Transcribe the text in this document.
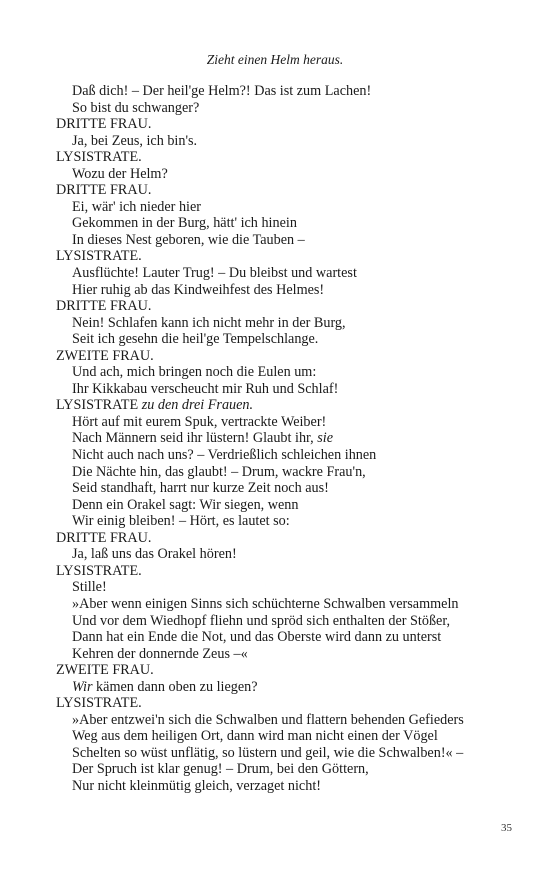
Zieht einen Helm heraus.
Daß dich! – Der heil'ge Helm?! Das ist zum Lachen!
So bist du schwanger?
DRITTE FRAU.
Ja, bei Zeus, ich bin's.
LYSISTRATE.
Wozu der Helm?
DRITTE FRAU.
Ei, wär' ich nieder hier
Gekommen in der Burg, hätt' ich hinein
In dieses Nest geboren, wie die Tauben –
LYSISTRATE.
Ausflüchte! Lauter Trug! – Du bleibst und wartest
Hier ruhig ab das Kindweihfest des Helmes!
DRITTE FRAU.
Nein! Schlafen kann ich nicht mehr in der Burg,
Seit ich gesehn die heil'ge Tempelschlange.
ZWEITE FRAU.
Und ach, mich bringen noch die Eulen um:
Ihr Kikkabau verscheucht mir Ruh und Schlaf!
LYSISTRATE zu den drei Frauen.
Hört auf mit eurem Spuk, vertrackte Weiber!
Nach Männern seid ihr lüstern! Glaubt ihr, sie
Nicht auch nach uns? – Verdrießlich schleichen ihnen
Die Nächte hin, das glaubt! – Drum, wackre Frau'n,
Seid standhaft, harrt nur kurze Zeit noch aus!
Denn ein Orakel sagt: Wir siegen, wenn
Wir einig bleiben! – Hört, es lautet so:
DRITTE FRAU.
Ja, laß uns das Orakel hören!
LYSISTRATE.
Stille!
»Aber wenn einigen Sinns sich schüchterne Schwalben versammeln
Und vor dem Wiedhopf fliehn und spröd sich enthalten der Stößer,
Dann hat ein Ende die Not, und das Oberste wird dann zu unterst
Kehren der donnernde Zeus –«
ZWEITE FRAU.
Wir kämen dann oben zu liegen?
LYSISTRATE.
»Aber entzwei'n sich die Schwalben und flattern behenden Gefieders
Weg aus dem heiligen Ort, dann wird man nicht einen der Vögel
Schelten so wüst unflätig, so lüstern und geil, wie die Schwalben!« –
Der Spruch ist klar genug! – Drum, bei den Göttern,
Nur nicht kleinmütig gleich, verzaget nicht!
35
